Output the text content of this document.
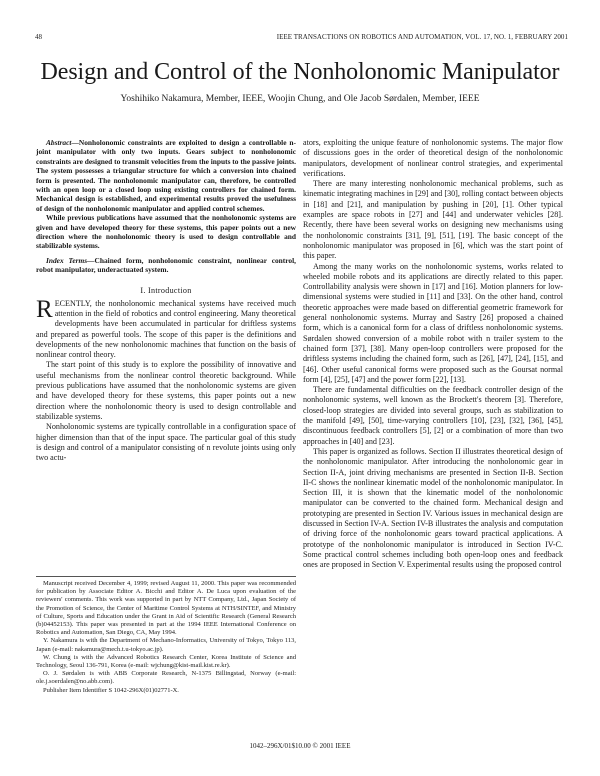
48	IEEE TRANSACTIONS ON ROBOTICS AND AUTOMATION, VOL. 17, NO. 1, FEBRUARY 2001
Design and Control of the Nonholonomic Manipulator
Yoshihiko Nakamura, Member, IEEE, Woojin Chung, and Ole Jacob Sørdalen, Member, IEEE

Abstract—Nonholonomic constraints are exploited to design a controllable n-joint manipulator with only two inputs. Gears subject to nonholonomic constraints are designed to transmit velocities from the inputs to the passive joints. The system possesses a triangular structure for which a conversion into chained form is presented. The nonholonomic manipulator can, therefore, be controlled with an open loop or a closed loop using existing controllers for chained form. Mechanical design is established, and experimental results proved the usefulness of design of the nonholonomic manipulator and applied control schemes.

While previous publications have assumed that the nonholonomic systems are given and have developed theory for these systems, this paper points out a new direction where the nonholonomic theory is used to design controllable and stabilizable systems.

Index Terms—Chained form, nonholonomic constraint, nonlinear control, robot manipulator, underactuated system.

I. Introduction

RECENTLY, the nonholonomic mechanical systems have received much attention in the field of robotics and control engineering. Many theoretical developments have been accumulated in particular for driftless systems and prepared as powerful tools. The scope of this paper is the definitions and developments of the new nonholonomic machines that function on the basis of nonlinear control theory.

The start point of this study is to explore the possibility of innovative and useful mechanisms from the nonlinear control theoretic background. While previous publications have assumed that the nonholonomic systems are given and have developed theory for these systems, this paper points out a new direction where the nonholonomic theory is used to design controllable and stabilizable systems.

Nonholonomic systems are typically controllable in a configuration space of higher dimension than that of the input space. The particular goal of this study is design and control of a manipulator consisting of n revolute joints using only two actu-

Manuscript received December 4, 1999; revised August 11, 2000. This paper was recommended for publication by Associate Editor A. Bicchi and Editor A. De Luca upon evaluation of the reviewers' comments. This work was supported in part by NTT Company, Ltd., Japan Society of the Promotion of Science, the Center of Maritime Control Systems at NTH/SINTEF, and Ministry of Culture, Sports and Education under the Grant in Aid of Scientific Research (General Research (b)04452153). This paper was presented in part at the 1994 IEEE International Conference on Robotics and Automation, San Diego, CA, May 1994.

Y. Nakamura is with the Department of Mechano-Informatics, University of Tokyo, Tokyo 113, Japan (e-mail: nakamura@mech.t.u-tokyo.ac.jp).

W. Chung is with the Advanced Robotics Research Center, Korea Institute of Science and Technology, Seoul 136-791, Korea (e-mail: wjchung@kist-mail.kist.re.kr).

O. J. Sørdalen is with ABB Corporate Research, N-1375 Billingstad, Norway (e-mail: ole.j.soerdalen@no.abb.com).

Publisher Item Identifier S 1042-296X(01)02771-X.

ators, exploiting the unique feature of nonholonomic systems. The major flow of discussions goes in the order of theoretical design of the nonholonomic manipulators, development of nonlinear control strategies, and experimental verifications.

There are many interesting nonholonomic mechanical problems, such as kinematic integrating machines in [29] and [30], rolling contact between objects in [18] and [21], and manipulation by pushing in [20], [1]. Other typical examples are space robots in [27] and [44] and underwater vehicles [28]. Recently, there have been several works on designing new mechanisms using the nonholonomic constraints [31], [9], [51], [19]. The basic concept of the nonholonomic manipulator was proposed in [6], which was the start point of this paper.

Among the many works on the nonholonomic systems, works related to wheeled mobile robots and its applications are directly related to this paper. Controllability analysis were shown in [17] and [16]. Motion planners for low-dimensional systems were studied in [11] and [33]. On the other hand, control theoretic approaches were made based on differential geometric framework for general nonholonomic systems. Murray and Sastry [26] proposed a chained form, which is a canonical form for a class of driftless nonholonomic systems. Sørdalen showed conversion of a mobile robot with n trailer system to the chained form [37], [38]. Many open-loop controllers were proposed for the driftless systems including the chained form, such as [26], [47], [24], [15], and [46]. Other useful canonical forms were proposed such as the Goursat normal form [4], [25], [47] and the power form [22], [13].

There are fundamental difficulties on the feedback controller design of the nonholonomic systems, well known as the Brockett's theorem [3]. Therefore, closed-loop strategies are divided into several groups, such as stabilization to the manifold [49], [50], time-varying controllers [10], [23], [32], [36], [45], discontinuous feedback controllers [5], [2] or a combination of more than two approaches in [40] and [23].

This paper is organized as follows. Section II illustrates theoretical design of the nonholonomic manipulator. After introducing the nonholonomic gear in Section II-A, joint driving mechanisms are presented in Section II-B. Section II-C shows the nonlinear kinematic model of the nonholonomic manipulator. In Section III, it is shown that the kinematic model of the nonholonomic manipulator can be converted to the chained form. Mechanical design and prototyping are presented in Section IV. Various issues in mechanical design are discussed in Section IV-A. Section IV-B illustrates the analysis and computation of driving force of the nonholonomic gears toward practical applications. A prototype of the nonholonomic manipulator is introduced in Section IV-C. Some practical control schemes including both open-loop ones and feedback ones are proposed in Section V. Experimental results using the proposed control

1042–296X/01$10.00 © 2001 IEEE
